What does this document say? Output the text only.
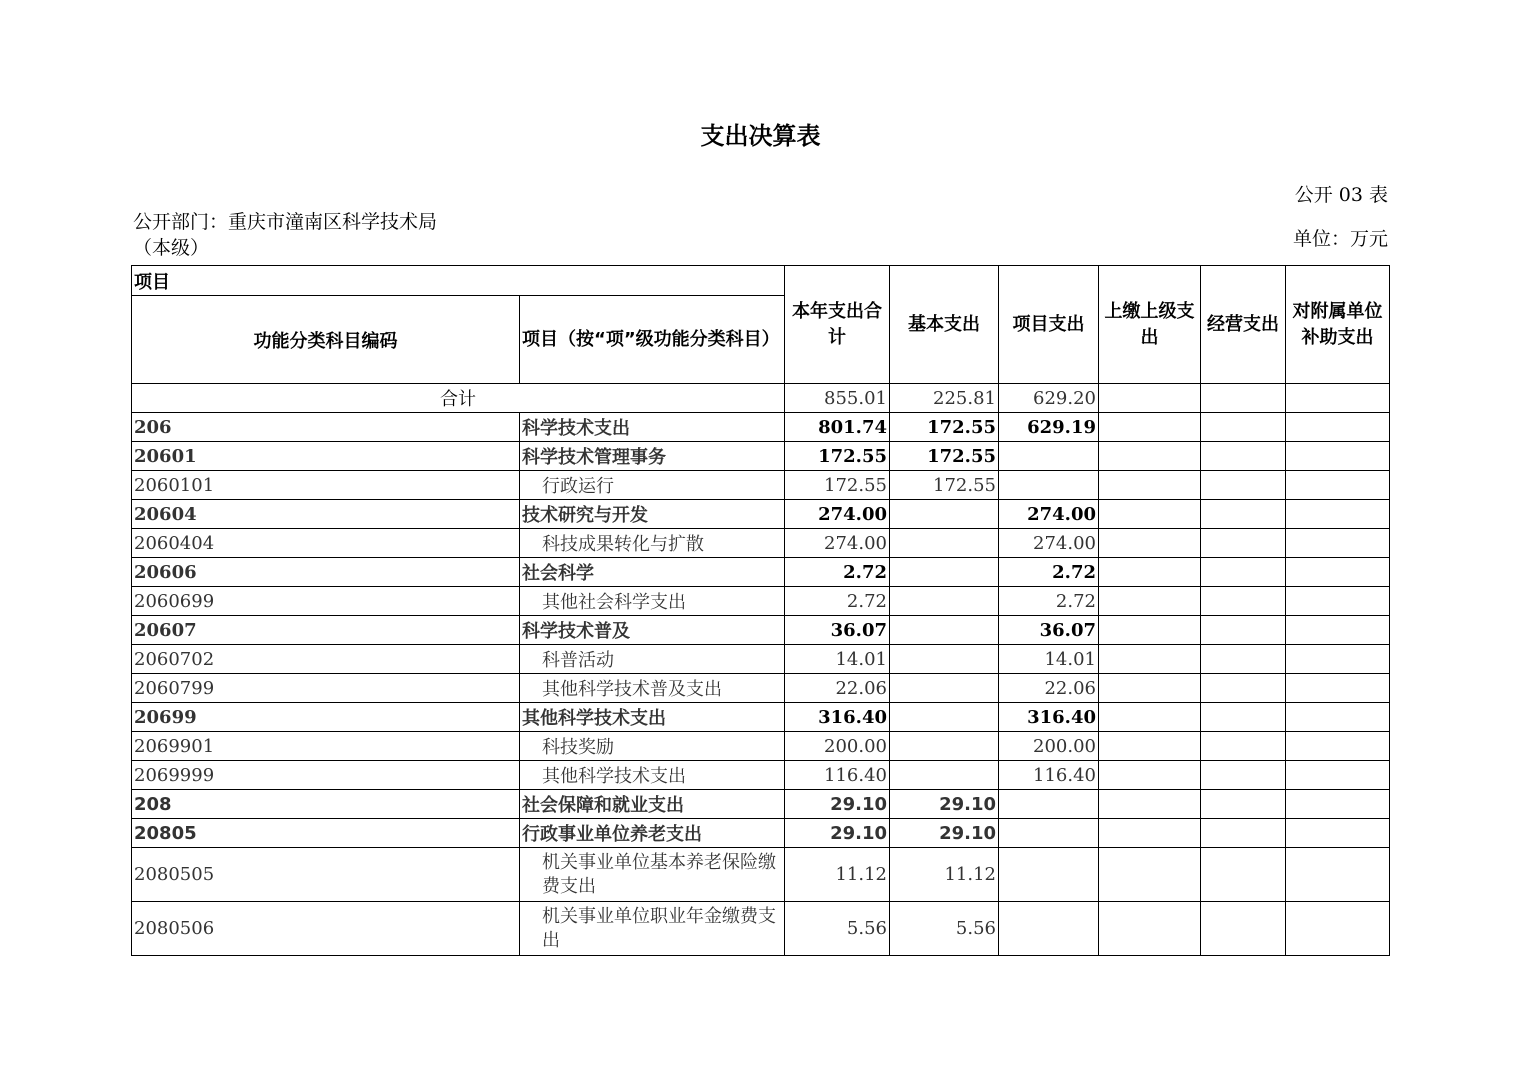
支出决算表
公开 03 表
公开部门：重庆市潼南区科学技术局（本级）	单位：万元
项目		本年支出合计	基本支出	项目支出	上缴上级支出	经营支出	对附属单位补助支出
功能分类科目编码	项目（按“项”级功能分类科目）						
合计		855.01	225.81	629.20			
206	科学技术支出	801.74	172.55	629.19			
20601	科学技术管理事务	172.55	172.55				
2060101	行政运行	172.55	172.55				
20604	技术研究与开发	274.00		274.00			
2060404	科技成果转化与扩散	274.00		274.00			
20606	社会科学	2.72		2.72			
2060699	其他社会科学支出	2.72		2.72			
20607	科学技术普及	36.07		36.07			
2060702	科普活动	14.01		14.01			
2060799	其他科学技术普及支出	22.06		22.06			
20699	其他科学技术支出	316.40		316.40			
2069901	科技奖励	200.00		200.00			
2069999	其他科学技术支出	116.40		116.40			
208	社会保障和就业支出	29.10	29.10				
20805	行政事业单位养老支出	29.10	29.10				
2080505	机关事业单位基本养老保险缴费支出	11.12	11.12				
2080506	机关事业单位职业年金缴费支出	5.56	5.56				
